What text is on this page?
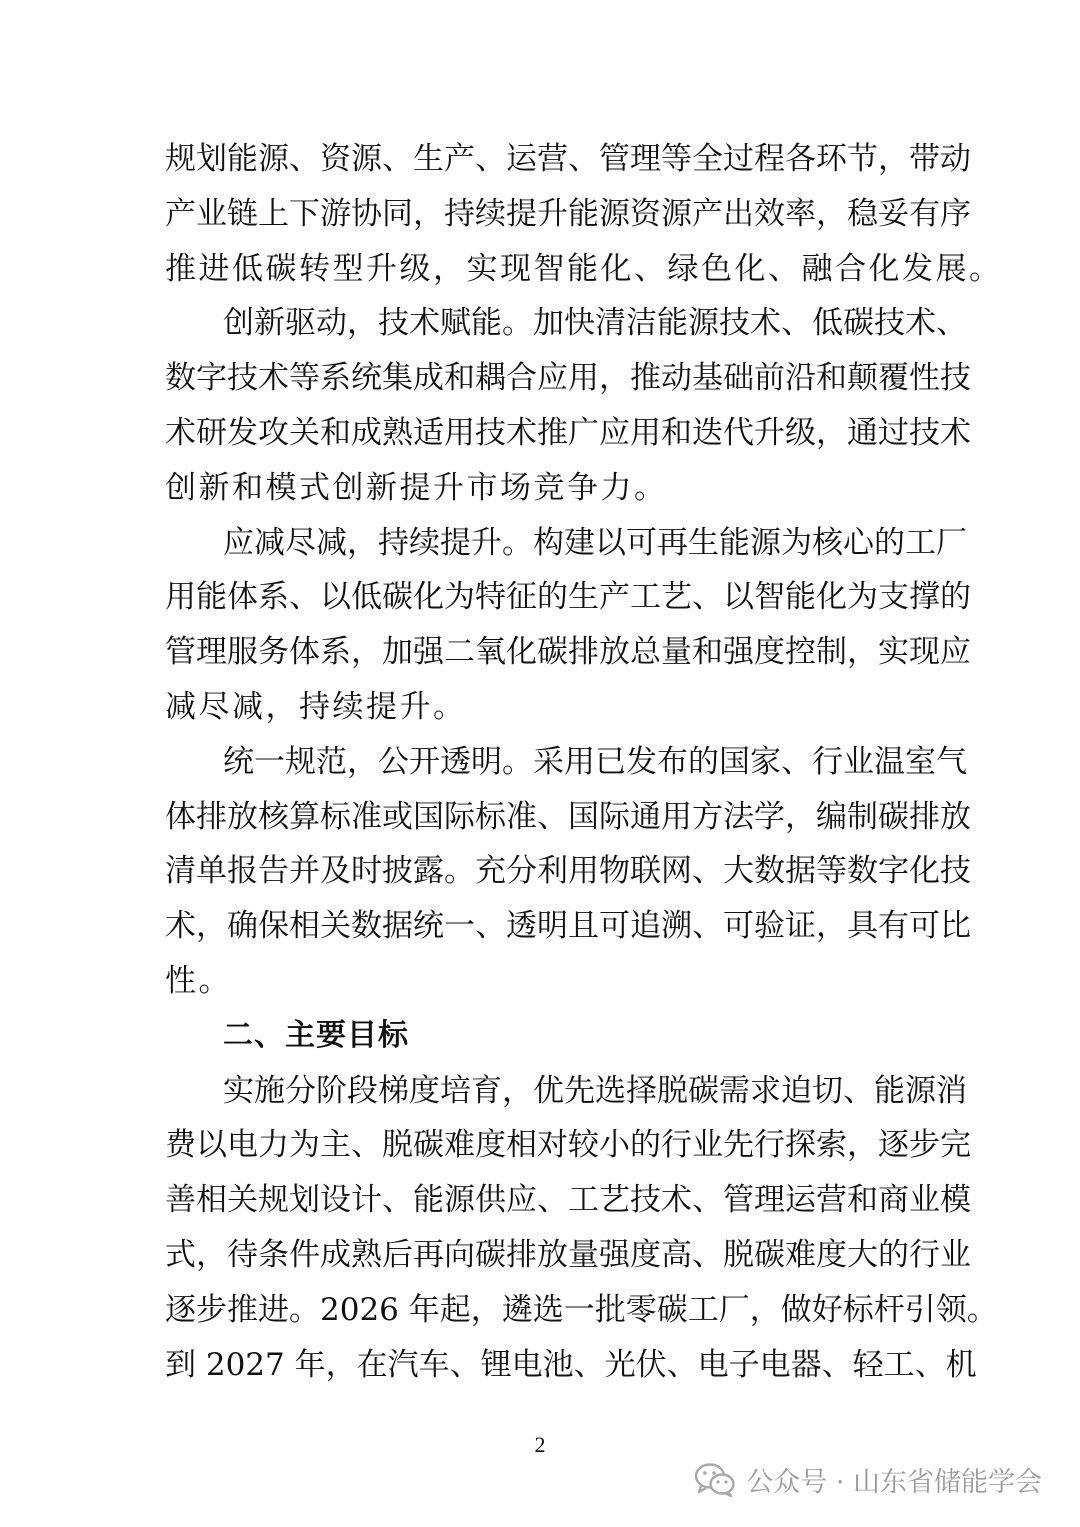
规划能源、资源、生产、运营、管理等全过程各环节，带动
产业链上下游协同，持续提升能源资源产出效率，稳妥有序
推进低碳转型升级，实现智能化、绿色化、融合化发展。
创新驱动，技术赋能。加快清洁能源技术、低碳技术、
数字技术等系统集成和耦合应用，推动基础前沿和颠覆性技
术研发攻关和成熟适用技术推广应用和迭代升级，通过技术
创新和模式创新提升市场竞争力。
应减尽减，持续提升。构建以可再生能源为核心的工厂
用能体系、以低碳化为特征的生产工艺、以智能化为支撑的
管理服务体系，加强二氧化碳排放总量和强度控制，实现应
减尽减，持续提升。
统一规范，公开透明。采用已发布的国家、行业温室气
体排放核算标准或国际标准、国际通用方法学，编制碳排放
清单报告并及时披露。充分利用物联网、大数据等数字化技
术，确保相关数据统一、透明且可追溯、可验证，具有可比
性。
二、主要目标
实施分阶段梯度培育，优先选择脱碳需求迫切、能源消
费以电力为主、脱碳难度相对较小的行业先行探索，逐步完
善相关规划设计、能源供应、工艺技术、管理运营和商业模
式，待条件成熟后再向碳排放量强度高、脱碳难度大的行业
逐步推进。2026 年起，遴选一批零碳工厂，做好标杆引领。
到 2027 年，在汽车、锂电池、光伏、电子电器、轻工、机
2
公众号 · 山东省储能学会
